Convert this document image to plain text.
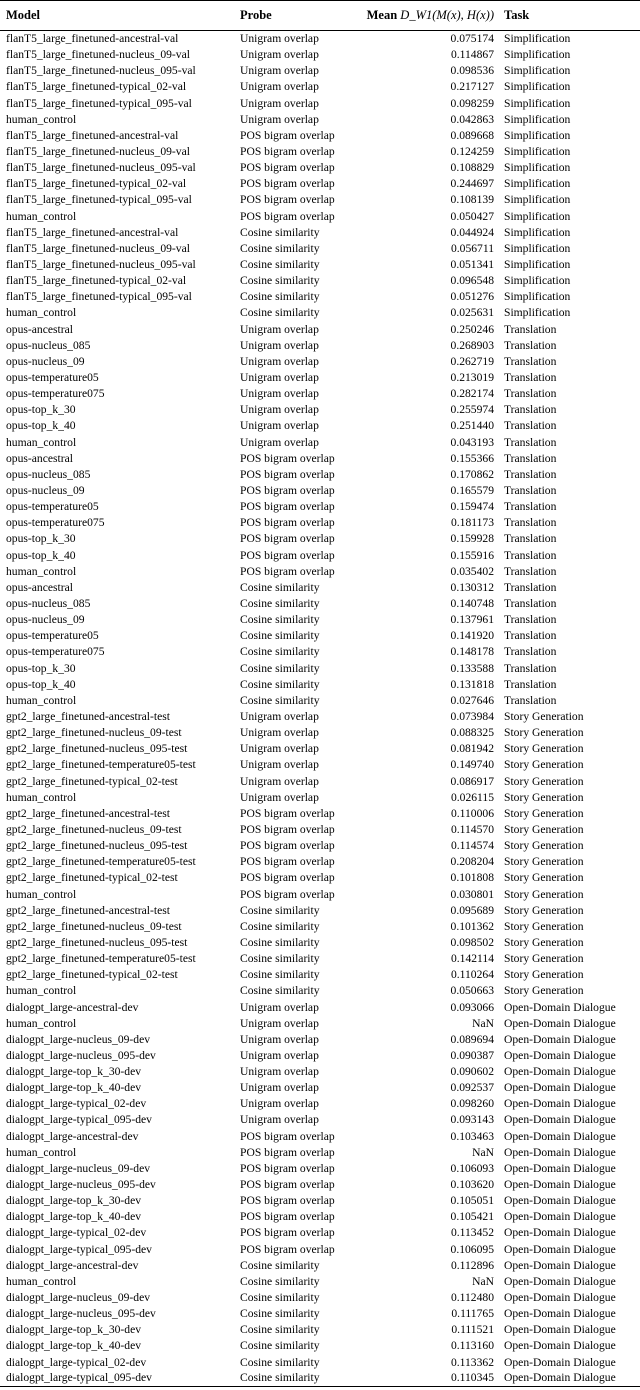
Model	Probe	Mean D_W1(M(x), H(x))	Task
flanT5_large_finetuned-ancestral-val	Unigram overlap	0.075174	Simplification
flanT5_large_finetuned-nucleus_09-val	Unigram overlap	0.114867	Simplification
flanT5_large_finetuned-nucleus_095-val	Unigram overlap	0.098536	Simplification
flanT5_large_finetuned-typical_02-val	Unigram overlap	0.217127	Simplification
flanT5_large_finetuned-typical_095-val	Unigram overlap	0.098259	Simplification
human_control	Unigram overlap	0.042863	Simplification
flanT5_large_finetuned-ancestral-val	POS bigram overlap	0.089668	Simplification
flanT5_large_finetuned-nucleus_09-val	POS bigram overlap	0.124259	Simplification
flanT5_large_finetuned-nucleus_095-val	POS bigram overlap	0.108829	Simplification
flanT5_large_finetuned-typical_02-val	POS bigram overlap	0.244697	Simplification
flanT5_large_finetuned-typical_095-val	POS bigram overlap	0.108139	Simplification
human_control	POS bigram overlap	0.050427	Simplification
flanT5_large_finetuned-ancestral-val	Cosine similarity	0.044924	Simplification
flanT5_large_finetuned-nucleus_09-val	Cosine similarity	0.056711	Simplification
flanT5_large_finetuned-nucleus_095-val	Cosine similarity	0.051341	Simplification
flanT5_large_finetuned-typical_02-val	Cosine similarity	0.096548	Simplification
flanT5_large_finetuned-typical_095-val	Cosine similarity	0.051276	Simplification
human_control	Cosine similarity	0.025631	Simplification
opus-ancestral	Unigram overlap	0.250246	Translation
opus-nucleus_085	Unigram overlap	0.268903	Translation
opus-nucleus_09	Unigram overlap	0.262719	Translation
opus-temperature05	Unigram overlap	0.213019	Translation
opus-temperature075	Unigram overlap	0.282174	Translation
opus-top_k_30	Unigram overlap	0.255974	Translation
opus-top_k_40	Unigram overlap	0.251440	Translation
human_control	Unigram overlap	0.043193	Translation
opus-ancestral	POS bigram overlap	0.155366	Translation
opus-nucleus_085	POS bigram overlap	0.170862	Translation
opus-nucleus_09	POS bigram overlap	0.165579	Translation
opus-temperature05	POS bigram overlap	0.159474	Translation
opus-temperature075	POS bigram overlap	0.181173	Translation
opus-top_k_30	POS bigram overlap	0.159928	Translation
opus-top_k_40	POS bigram overlap	0.155916	Translation
human_control	POS bigram overlap	0.035402	Translation
opus-ancestral	Cosine similarity	0.130312	Translation
opus-nucleus_085	Cosine similarity	0.140748	Translation
opus-nucleus_09	Cosine similarity	0.137961	Translation
opus-temperature05	Cosine similarity	0.141920	Translation
opus-temperature075	Cosine similarity	0.148178	Translation
opus-top_k_30	Cosine similarity	0.133588	Translation
opus-top_k_40	Cosine similarity	0.131818	Translation
human_control	Cosine similarity	0.027646	Translation
gpt2_large_finetuned-ancestral-test	Unigram overlap	0.073984	Story Generation
gpt2_large_finetuned-nucleus_09-test	Unigram overlap	0.088325	Story Generation
gpt2_large_finetuned-nucleus_095-test	Unigram overlap	0.081942	Story Generation
gpt2_large_finetuned-temperature05-test	Unigram overlap	0.149740	Story Generation
gpt2_large_finetuned-typical_02-test	Unigram overlap	0.086917	Story Generation
human_control	Unigram overlap	0.026115	Story Generation
gpt2_large_finetuned-ancestral-test	POS bigram overlap	0.110006	Story Generation
gpt2_large_finetuned-nucleus_09-test	POS bigram overlap	0.114570	Story Generation
gpt2_large_finetuned-nucleus_095-test	POS bigram overlap	0.114574	Story Generation
gpt2_large_finetuned-temperature05-test	POS bigram overlap	0.208204	Story Generation
gpt2_large_finetuned-typical_02-test	POS bigram overlap	0.101808	Story Generation
human_control	POS bigram overlap	0.030801	Story Generation
gpt2_large_finetuned-ancestral-test	Cosine similarity	0.095689	Story Generation
gpt2_large_finetuned-nucleus_09-test	Cosine similarity	0.101362	Story Generation
gpt2_large_finetuned-nucleus_095-test	Cosine similarity	0.098502	Story Generation
gpt2_large_finetuned-temperature05-test	Cosine similarity	0.142114	Story Generation
gpt2_large_finetuned-typical_02-test	Cosine similarity	0.110264	Story Generation
human_control	Cosine similarity	0.050663	Story Generation
dialogpt_large-ancestral-dev	Unigram overlap	0.093066	Open-Domain Dialogue
human_control	Unigram overlap	NaN	Open-Domain Dialogue
dialogpt_large-nucleus_09-dev	Unigram overlap	0.089694	Open-Domain Dialogue
dialogpt_large-nucleus_095-dev	Unigram overlap	0.090387	Open-Domain Dialogue
dialogpt_large-top_k_30-dev	Unigram overlap	0.090602	Open-Domain Dialogue
dialogpt_large-top_k_40-dev	Unigram overlap	0.092537	Open-Domain Dialogue
dialogpt_large-typical_02-dev	Unigram overlap	0.098260	Open-Domain Dialogue
dialogpt_large-typical_095-dev	Unigram overlap	0.093143	Open-Domain Dialogue
dialogpt_large-ancestral-dev	POS bigram overlap	0.103463	Open-Domain Dialogue
human_control	POS bigram overlap	NaN	Open-Domain Dialogue
dialogpt_large-nucleus_09-dev	POS bigram overlap	0.106093	Open-Domain Dialogue
dialogpt_large-nucleus_095-dev	POS bigram overlap	0.103620	Open-Domain Dialogue
dialogpt_large-top_k_30-dev	POS bigram overlap	0.105051	Open-Domain Dialogue
dialogpt_large-top_k_40-dev	POS bigram overlap	0.105421	Open-Domain Dialogue
dialogpt_large-typical_02-dev	POS bigram overlap	0.113452	Open-Domain Dialogue
dialogpt_large-typical_095-dev	POS bigram overlap	0.106095	Open-Domain Dialogue
dialogpt_large-ancestral-dev	Cosine similarity	0.112896	Open-Domain Dialogue
human_control	Cosine similarity	NaN	Open-Domain Dialogue
dialogpt_large-nucleus_09-dev	Cosine similarity	0.112480	Open-Domain Dialogue
dialogpt_large-nucleus_095-dev	Cosine similarity	0.111765	Open-Domain Dialogue
dialogpt_large-top_k_30-dev	Cosine similarity	0.111521	Open-Domain Dialogue
dialogpt_large-top_k_40-dev	Cosine similarity	0.113160	Open-Domain Dialogue
dialogpt_large-typical_02-dev	Cosine similarity	0.113362	Open-Domain Dialogue
dialogpt_large-typical_095-dev	Cosine similarity	0.110345	Open-Domain Dialogue
